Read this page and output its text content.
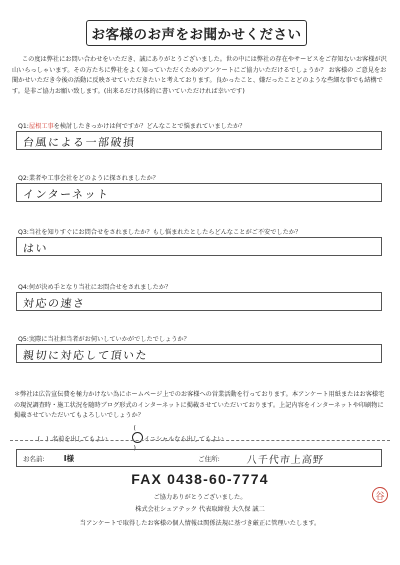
お客様のお声をお聞かせください
この度は弊社にお問い合わせをいただき、誠にありがとうございました。世の中には弊社の存在やサービスをご存知ないお客様が沢山いらっしゃいます。その方たちに弊社をよく知っていただくためのアンケートにご協力いただけるでしょうか？ お客様の ご意見をお聞かせいただき今後の活動に反映させていただきたいと考えております。良かったこと、嫌だったことどのような些細な事でも結構です。是非ご協力お願い致します。(出来るだけ具体的に書いていただければ幸いです)
Q1:屋根工事を検討したきっかけは何ですか？どんなことで悩まれていましたか？
台風による一部破損
Q2:業者や工事会社をどのように探されましたか？
インターネット
Q3:当社を知りすぐにお問合せをされましたか？もし悩まれたとしたらどんなことがご不安でしたか？
はい
Q4:何が決め手となり当社にお問合せをされましたか？
対応の速さ
Q5:実際に当社担当者がお伺いしていかがでしたでしょうか？
親切に対応して頂いた
＊弊社は広告宣伝費を極力かけない為にホームページ上でのお客様への営業活動を行っております。本アンケート用紙またはお客様宅の現況調査時・施工状況を随時ブログ形式のインターネットに掲載させていただいております。上記内容をインターネットや印刷物に掲載させていただいてもよろしいでしょうか？
(　) 名前を出してもよい
()
イニシャルなら出してもよい
お名前:	I様	ご住所:	八千代市上高野
FAX 0438-60-7774
ご協力ありがとうございました。
株式会社シェアテック 代表取締役 大久保 誠二
谷
当アンケートで取得したお客様の個人情報は関係法規に基づき厳正に管理いたします。
